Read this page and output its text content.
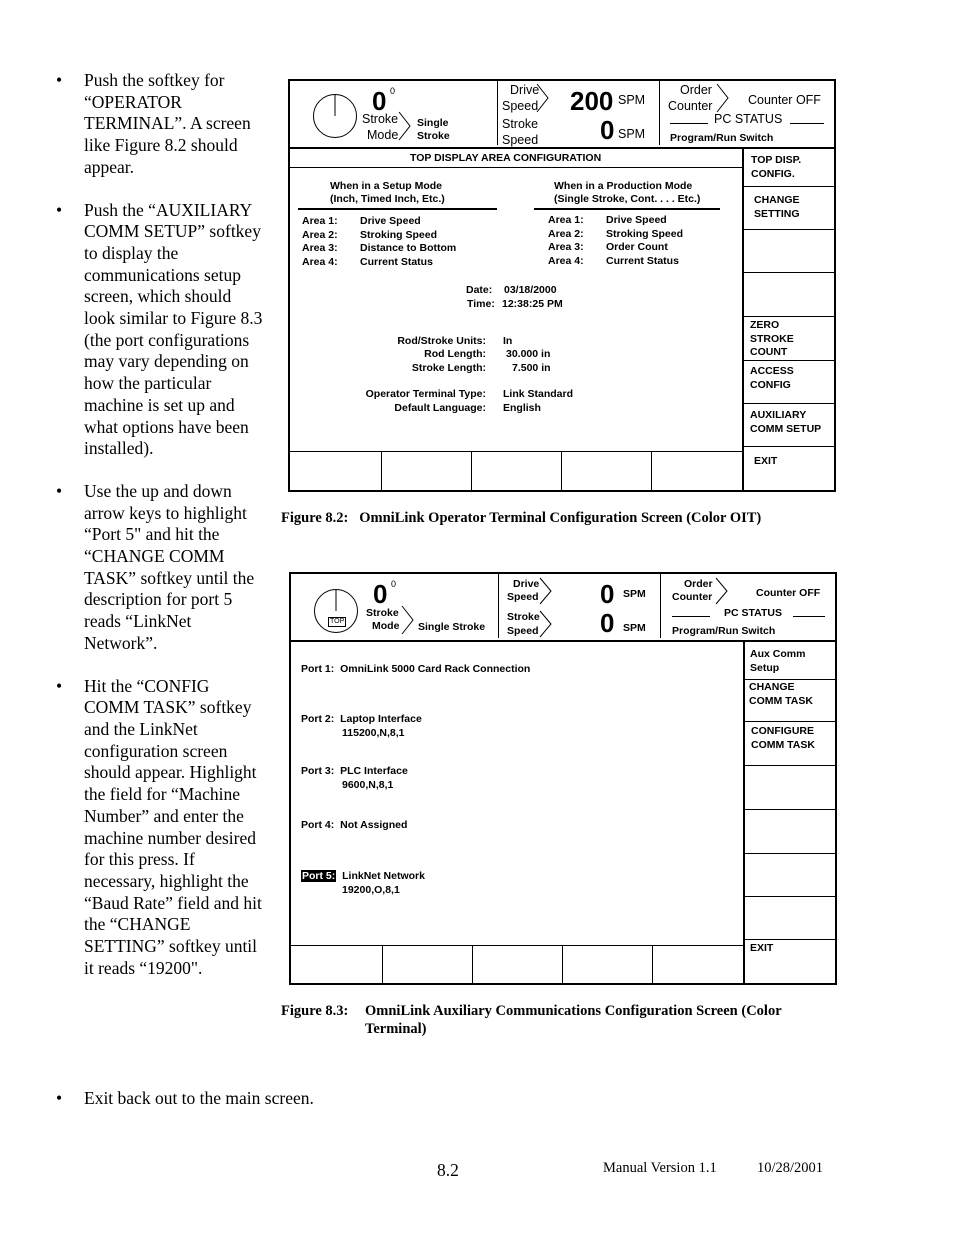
• Push the softkey for “OPERATOR TERMINAL”. A screen like Figure 8.2 should appear.
• Push the “AUXILIARY COMM SETUP” softkey to display the communications setup screen, which should look similar to Figure 8.3 (the port configurations may vary depending on how the particular machine is set up and what options have been installed).
• Use the up and down arrow keys to highlight “Port 5" and hit the “CHANGE COMM TASK” softkey until the description for port 5 reads “LinkNet Network”.
• Hit the “CONFIG COMM TASK” softkey and the LinkNet configuration screen should appear. Highlight the field for “Machine Number” and enter the machine number desired for this press. If necessary, highlight the “Baud Rate” field and hit the “CHANGE SETTING” softkey until it reads “19200".
• Exit back out to the main screen.
0 0
Stroke
Mode
Single
Stroke
Drive
Speed
Stroke
Speed
200 SPM
0 SPM
Order
Counter	Counter OFF
PC STATUS
Program/Run Switch
TOP DISPLAY AREA CONFIGURATION
When in a Setup Mode
(Inch, Timed Inch, Etc.)
When in a Production Mode
(Single Stroke, Cont. . . . Etc.)
Area 1: Drive Speed
Area 2: Stroking Speed
Area 3: Distance to Bottom
Area 4: Current Status
Area 1: Drive Speed
Area 2: Stroking Speed
Area 3: Order Count
Area 4: Current Status
Date: 03/18/2000
Time: 12:38:25 PM
Rod/Stroke Units: In
Rod Length: 30.000 in
Stroke Length: 7.500 in
Operator Terminal Type: Link Standard
Default Language: English
TOP DISP.
CONFIG.
CHANGE
SETTING
ZERO
STROKE
COUNT
ACCESS
CONFIG
AUXILIARY
COMM SETUP
EXIT
Figure 8.2: OmniLink Operator Terminal Configuration Screen (Color OIT)
TOP
0 0
Stroke
Mode Single Stroke
Drive
Speed
Stroke
Speed
0 SPM
0 SPM
Order
Counter	Counter OFF
PC STATUS
Program/Run Switch
Port 1: OmniLink 5000 Card Rack Connection
Port 2: Laptop Interface
115200,N,8,1
Port 3: PLC Interface
9600,N,8,1
Port 4: Not Assigned
Port 5: LinkNet Network
19200,O,8,1
Aux Comm
Setup
CHANGE
COMM TASK
CONFIGURE
COMM TASK
EXIT
Figure 8.3: OmniLink Auxiliary Communications Configuration Screen (Color
Terminal)
8.2	Manual Version 1.1	10/28/2001
